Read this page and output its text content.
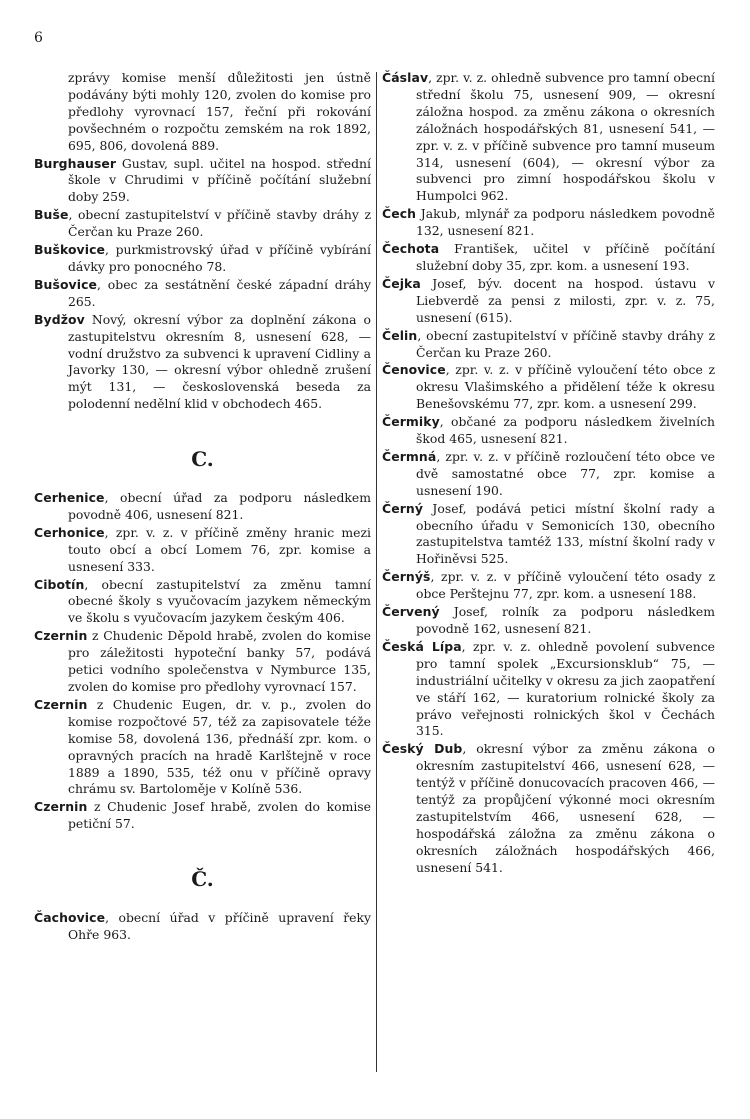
6

zprávy komise menší důležitosti jen ústně podávány býti mohly 120, zvolen do komise pro předlohy vyrovnací 157, řeční při rokování povšechném o rozpočtu zemském na rok 1892, 695, 806, dovolená 889.

Burghauser Gustav, supl. učitel na hospod. střední škole v Chrudimi v příčině počítání služební doby 259.

Buše, obecní zastupitelství v příčině stavby dráhy z Čerčan ku Praze 260.

Buškovice, purkmistrovský úřad v příčině vybírání dávky pro ponocného 78.

Bušovice, obec za sestátnění české západní dráhy 265.

Bydžov Nový, okresní výbor za doplnění zákona o zastupitelstvu okresním 8, usnesení 628, — vodní družstvo za subvenci k upravení Cidliny a Javorky 130, — okresní výbor ohledně zrušení mýt 131, — československá beseda za polodenní nedělní klid v obchodech 465.

C.

Cerhenice, obecní úřad za podporu následkem povodně 406, usnesení 821.

Cerhonice, zpr. v. z. v příčině změny hranic mezi touto obcí a obcí Lomem 76, zpr. komise a usnesení 333.

Cibotín, obecní zastupitelství za změnu tamní obecné školy s vyučovacím jazykem německým ve školu s vyučovacím jazykem českým 406.

Czernin z Chudenic Děpold hrabě, zvolen do komise pro záležitosti hypoteční banky 57, podává petici vodního společenstva v Nymburce 135, zvolen do komise pro předlohy vyrovnací 157.

Czernin z Chudenic Eugen, dr. v. p., zvolen do komise rozpočtové 57, též za zapisovatele téže komise 58, dovolená 136, přednáší zpr. kom. o opravných pracích na hradě Karlštejně v roce 1889 a 1890, 535, též onu v příčině opravy chrámu sv. Bartoloměje v Kolíně 536.

Czernin z Chudenic Josef hrabě, zvolen do komise petiční 57.

Č.

Čachovice, obecní úřad v příčině upravení řeky Ohře 963.

Čáslav, zpr. v. z. ohledně subvence pro tamní obecní střední školu 75, usnesení 909, — okresní záložna hospod. za změnu zákona o okresních záložnách hospodářských 81, usnesení 541, — zpr. v. z. v příčině subvence pro tamní museum 314, usnesení (604), — okresní výbor za subvenci pro zimní hospodářskou školu v Humpolci 962.

Čech Jakub, mlynář za podporu následkem povodně 132, usnesení 821.

Čechota František, učitel v příčině počítání služební doby 35, zpr. kom. a usnesení 193.

Čejka Josef, býv. docent na hospod. ústavu v Liebverdě za pensi z milosti, zpr. v. z. 75, usnesení (615).

Čelin, obecní zastupitelství v příčině stavby dráhy z Čerčan ku Praze 260.

Čenovice, zpr. v. z. v příčině vyloučení této obce z okresu Vlašimského a přidělení téže k okresu Benešovskému 77, zpr. kom. a usnesení 299.

Čermiky, občané za podporu následkem živelních škod 465, usnesení 821.

Čermná, zpr. v. z. v příčině rozloučení této obce ve dvě samostatné obce 77, zpr. komise a usnesení 190.

Černý Josef, podává petici místní školní rady a obecního úřadu v Semonicích 130, obecního zastupitelstva tamtéž 133, místní školní rady v Hořiněvsi 525.

Černýš, zpr. v. z. v příčině vyloučení této osady z obce Perštejnu 77, zpr. kom. a usnesení 188.

Červený Josef, rolník za podporu následkem povodně 162, usnesení 821.

Česká Lípa, zpr. v. z. ohledně povolení subvence pro tamní spolek „Excursionsklub“ 75, — industriální učitelky v okresu za jich zaopatření ve stáří 162, — kuratorium rolnické školy za právo veřejnosti rolnických škol v Čechách 315.

Český Dub, okresní výbor za změnu zákona o okresním zastupitelství 466, usnesení 628, — tentýž v příčině donucovacích pracoven 466, — tentýž za propůjčení výkonné moci okresním zastupitelstvím 466, usnesení 628, — hospodářská záložna za změnu zákona o okresních záložnách hospodářských 466, usnesení 541.
